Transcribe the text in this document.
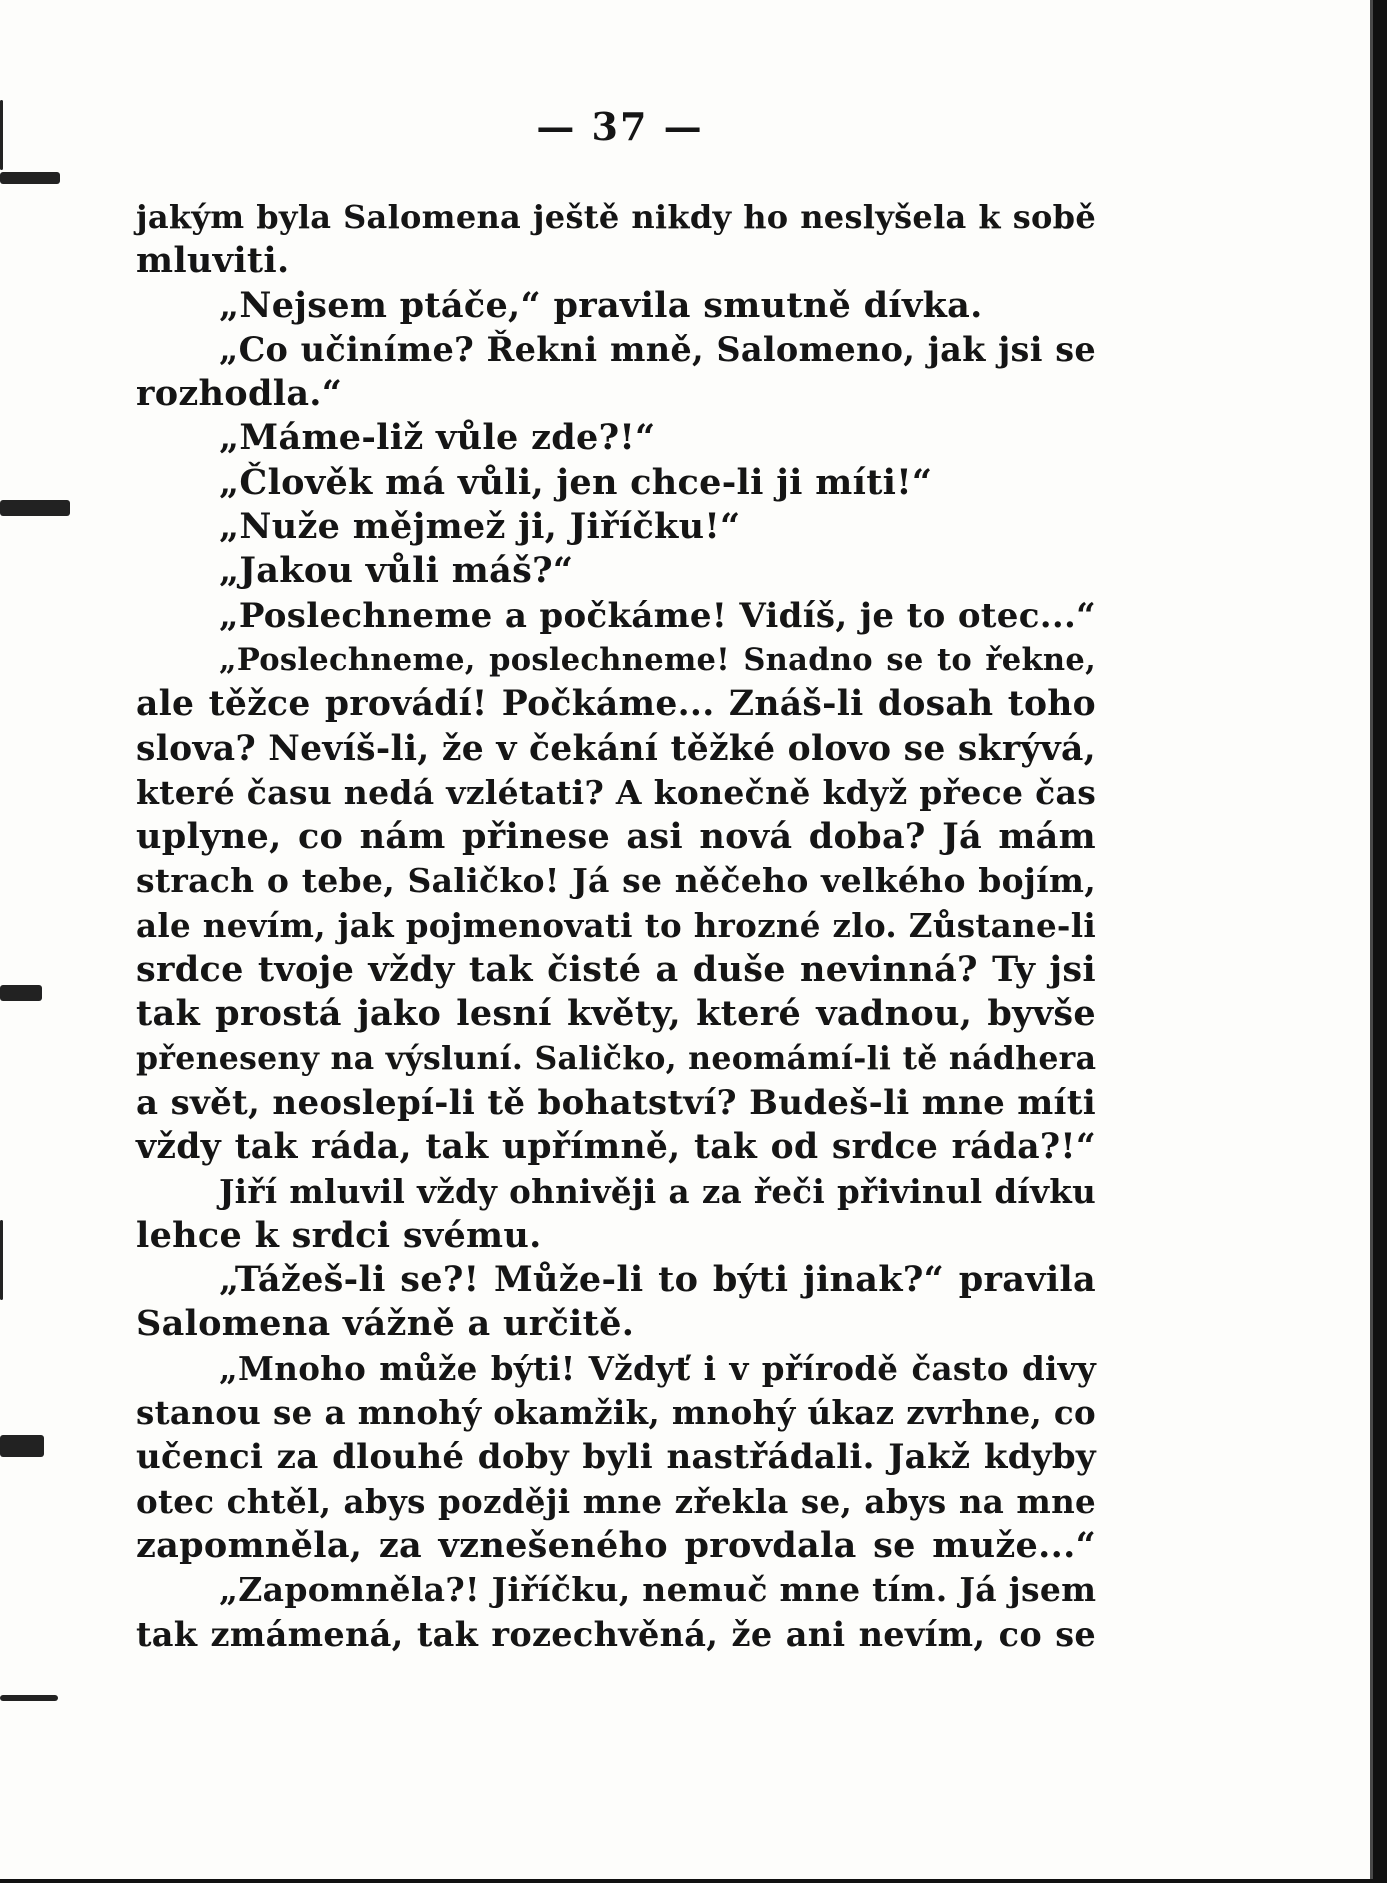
— 37 —
jakým byla Salomena ještě nikdy ho neslyšela k sobě
mluviti.
„Nejsem ptáče,“ pravila smutně dívka.
„Co učiníme? Řekni mně, Salomeno, jak jsi se
rozhodla.“
„Máme-liž vůle zde?!“
„Člověk má vůli, jen chce-li ji míti!“
„Nuže mějmež ji, Jiříčku!“
„Jakou vůli máš?“
„Poslechneme a počkáme! Vidíš, je to otec...“
„Poslechneme, poslechneme! Snadno se to řekne,
ale těžce provádí! Počkáme... Znáš-li dosah toho
slova? Nevíš-li, že v čekání těžké olovo se skrývá,
které času nedá vzlétati? A konečně když přece čas
uplyne, co nám přinese asi nová doba? Já mám
strach o tebe, Saličko! Já se něčeho velkého bojím,
ale nevím, jak pojmenovati to hrozné zlo. Zůstane-li
srdce tvoje vždy tak čisté a duše nevinná? Ty jsi
tak prostá jako lesní květy, které vadnou, byvše
přeneseny na výsluní. Saličko, neomámí-li tě nádhera
a svět, neoslepí-li tě bohatství? Budeš-li mne míti
vždy tak ráda, tak upřímně, tak od srdce ráda?!“
Jiří mluvil vždy ohnivěji a za řeči přivinul dívku
lehce k srdci svému.
„Tážeš-li se?! Může-li to býti jinak?“ pravila
Salomena vážně a určitě.
„Mnoho může býti! Vždyť i v přírodě často divy
stanou se a mnohý okamžik, mnohý úkaz zvrhne, co
učenci za dlouhé doby byli nastřádali. Jakž kdyby
otec chtěl, abys později mne zřekla se, abys na mne
zapomněla, za vznešeného provdala se muže...“
„Zapomněla?! Jiříčku, nemuč mne tím. Já jsem
tak zmámená, tak rozechvěná, že ani nevím, co se
